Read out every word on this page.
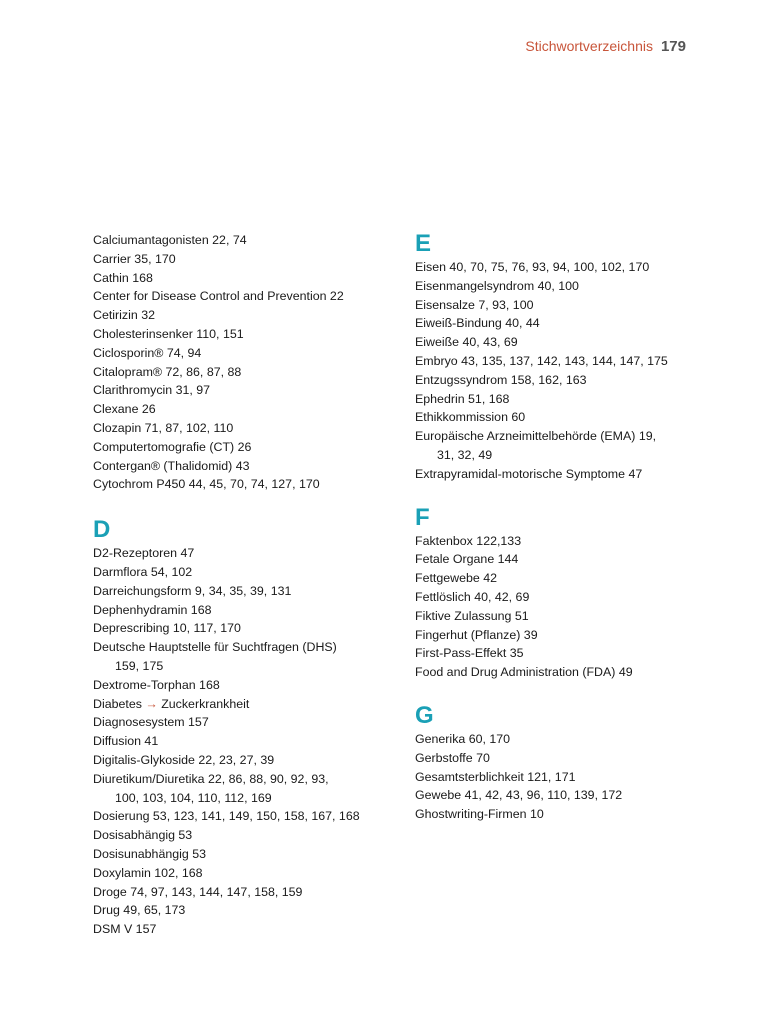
Stichwortverzeichnis 179
Calciumantagonisten 22, 74
Carrier 35, 170
Cathin 168
Center for Disease Control and Prevention 22
Cetirizin 32
Cholesterinsenker 110, 151
Ciclosporin® 74, 94
Citalopram® 72, 86, 87, 88
Clarithromycin 31, 97
Clexane 26
Clozapin 71, 87, 102, 110
Computertomografie (CT) 26
Contergan® (Thalidomid) 43
Cytochrom P450 44, 45, 70, 74, 127, 170
D
D2-Rezeptoren 47
Darmflora 54, 102
Darreichungsform 9, 34, 35, 39, 131
Dephenhydramin 168
Deprescribing 10, 117, 170
Deutsche Hauptstelle für Suchtfragen (DHS)
159, 175
Dextrome-Torphan 168
Diabetes → Zuckerkrankheit
Diagnosesystem 157
Diffusion 41
Digitalis-Glykoside 22, 23, 27, 39
Diuretikum/Diuretika 22, 86, 88, 90, 92, 93,
100, 103, 104, 110, 112, 169
Dosierung 53, 123, 141, 149, 150, 158, 167, 168
Dosisabhängig 53
Dosisunabhängig 53
Doxylamin 102, 168
Droge 74, 97, 143, 144, 147, 158, 159
Drug 49, 65, 173
DSM V 157
E
Eisen 40, 70, 75, 76, 93, 94, 100, 102, 170
Eisenmangelsyndrom 40, 100
Eisensalze 7, 93, 100
Eiweiß-Bindung 40, 44
Eiweiße 40, 43, 69
Embryo 43, 135, 137, 142, 143, 144, 147, 175
Entzugssyndrom 158, 162, 163
Ephedrin 51, 168
Ethikkommission 60
Europäische Arzneimittelbehörde (EMA) 19,
31, 32, 49
Extrapyramidal-motorische Symptome 47
F
Faktenbox 122,133
Fetale Organe 144
Fettgewebe 42
Fettlöslich 40, 42, 69
Fiktive Zulassung 51
Fingerhut (Pflanze) 39
First-Pass-Effekt 35
Food and Drug Administration (FDA) 49
G
Generika 60, 170
Gerbstoffe 70
Gesamtsterblichkeit 121, 171
Gewebe 41, 42, 43, 96, 110, 139, 172
Ghostwriting-Firmen 10
